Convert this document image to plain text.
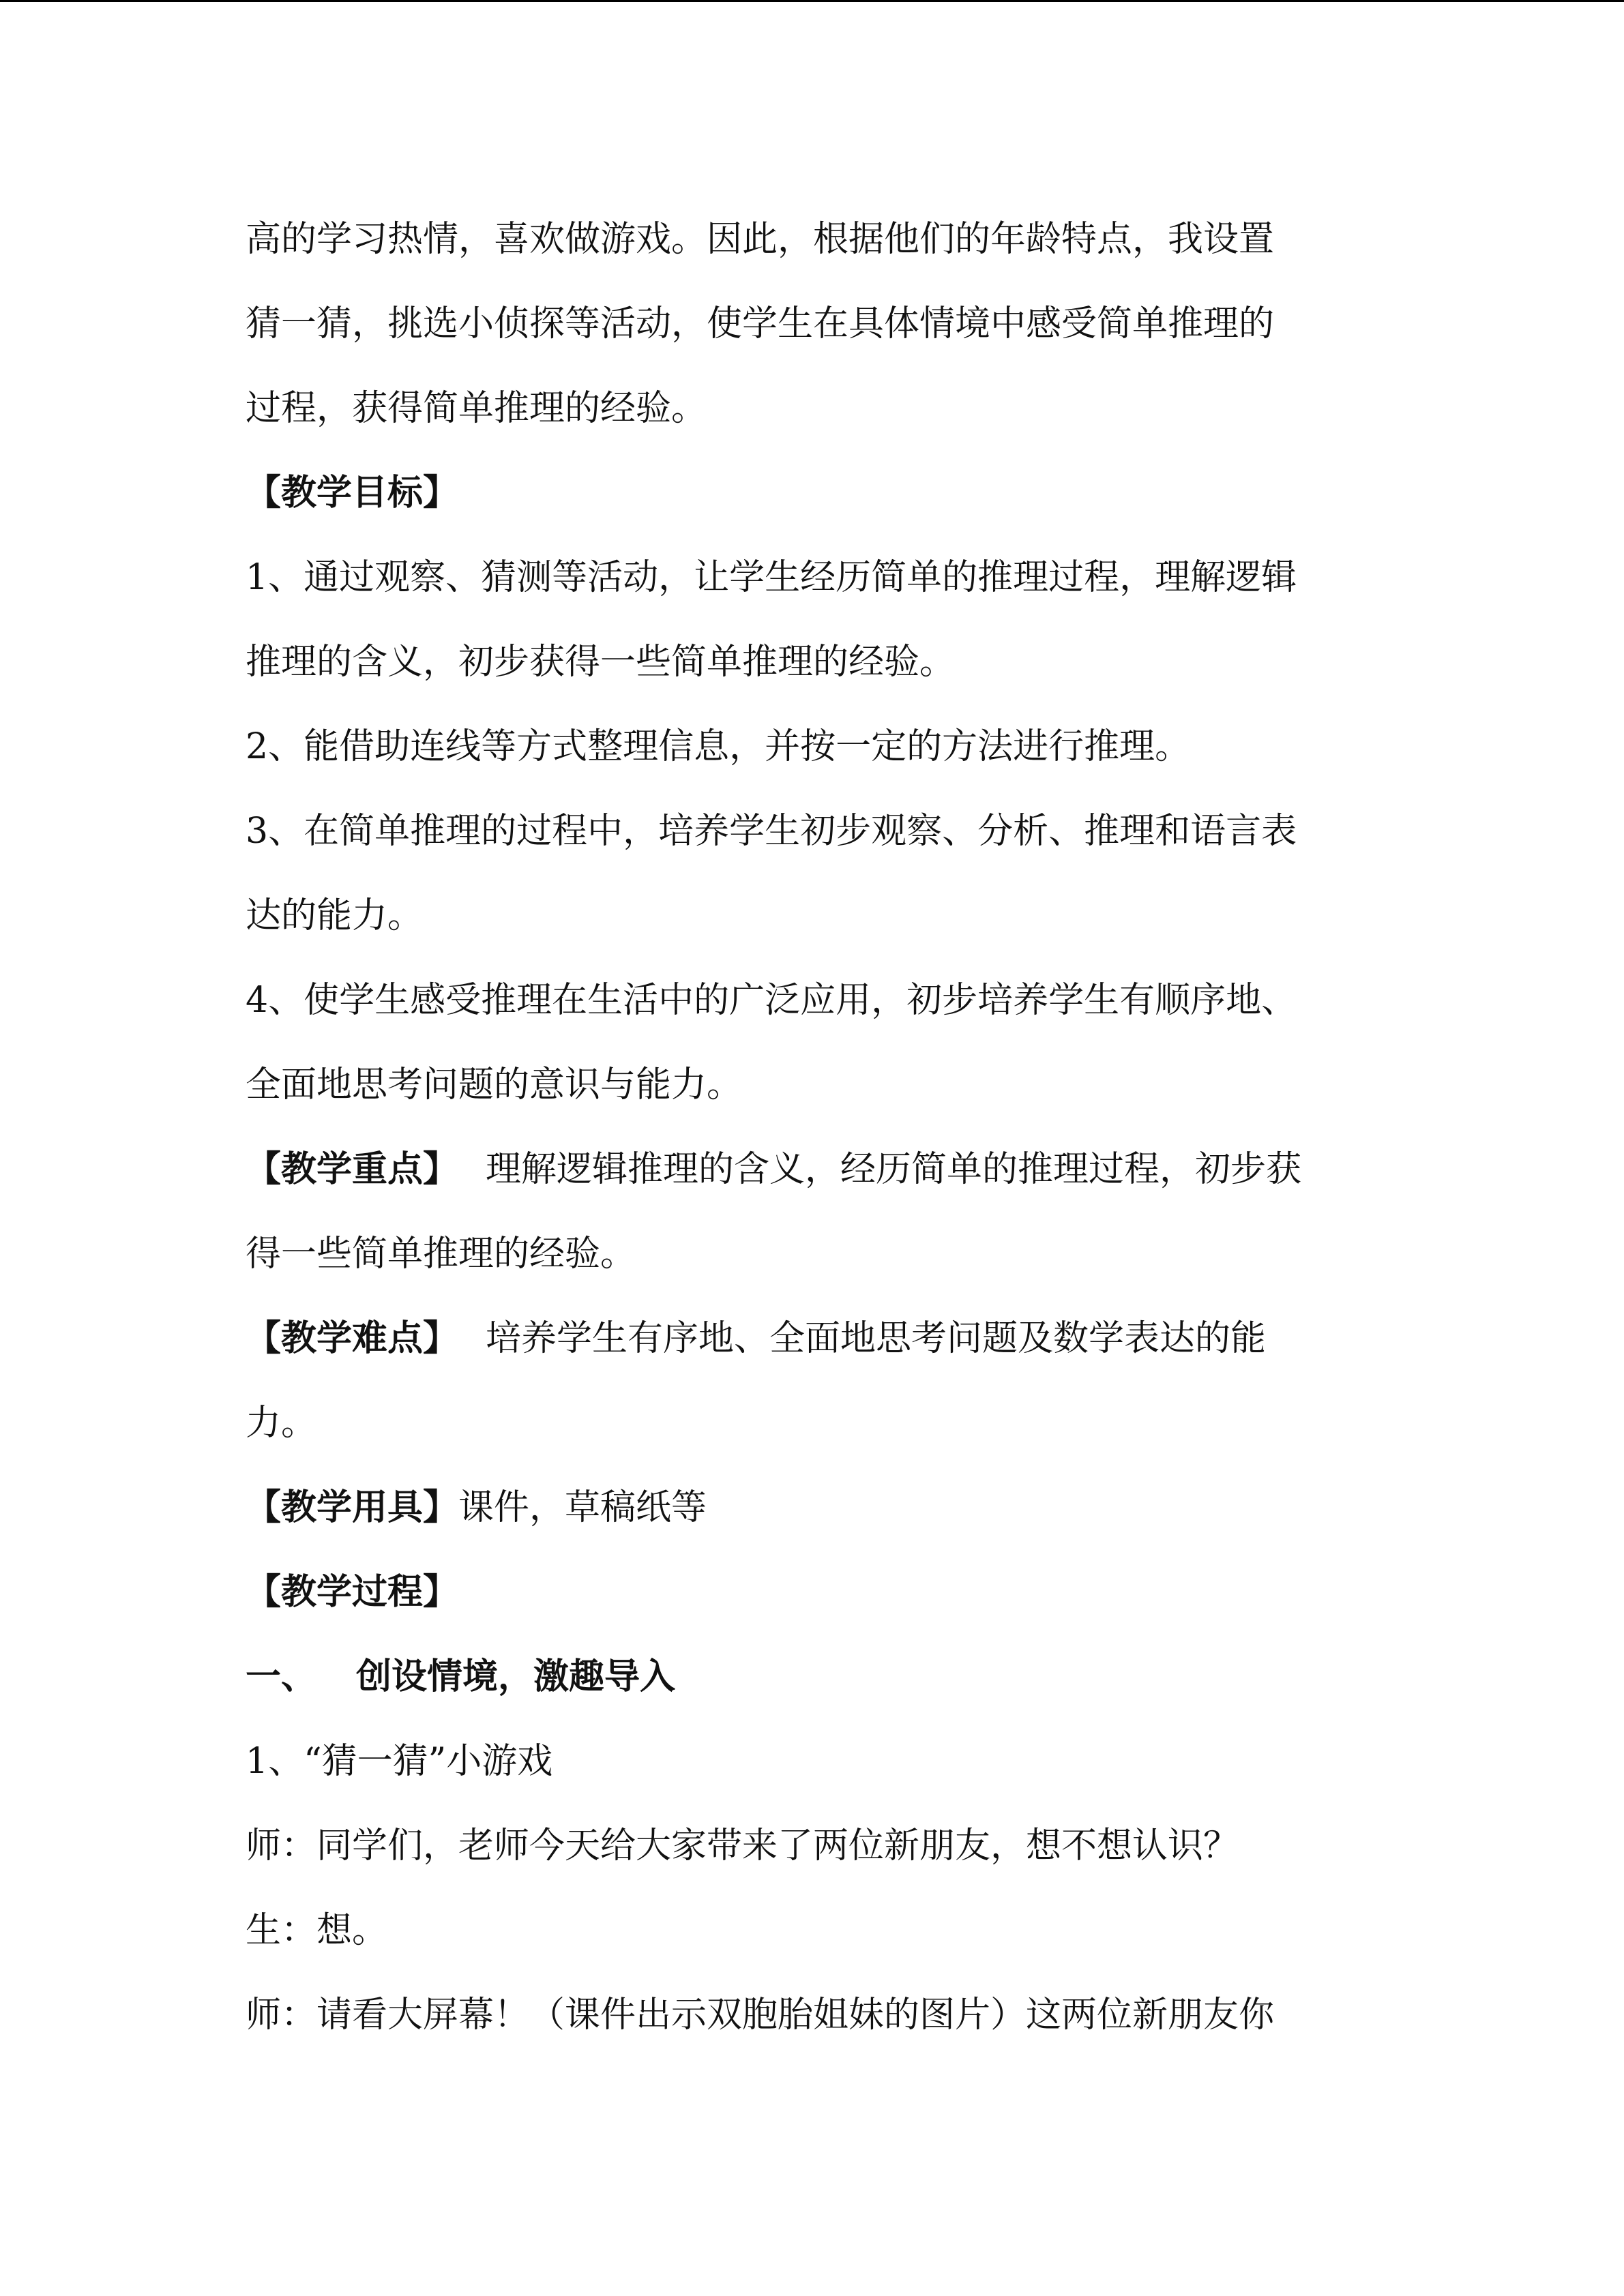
高的学习热情，喜欢做游戏。因此，根据他们的年龄特点，我设置
猜一猜，挑选小侦探等活动，使学生在具体情境中感受简单推理的
过程，获得简单推理的经验。
【教学目标】
1、通过观察、猜测等活动，让学生经历简单的推理过程，理解逻辑
推理的含义，初步获得一些简单推理的经验。
2、能借助连线等方式整理信息，并按一定的方法进行推理。
3、在简单推理的过程中，培养学生初步观察、分析、推理和语言表
达的能力。
4、使学生感受推理在生活中的广泛应用，初步培养学生有顺序地、
全面地思考问题的意识与能力。
【教学重点】 理解逻辑推理的含义，经历简单的推理过程，初步获
得一些简单推理的经验。
【教学难点】 培养学生有序地、全面地思考问题及数学表达的能
力。
【教学用具】课件，草稿纸等
【教学过程】
一、 创设情境，激趣导入
1、“猜一猜”小游戏
师：同学们，老师今天给大家带来了两位新朋友，想不想认识？
生：想。
师：请看大屏幕！（课件出示双胞胎姐妹的图片）这两位新朋友你
